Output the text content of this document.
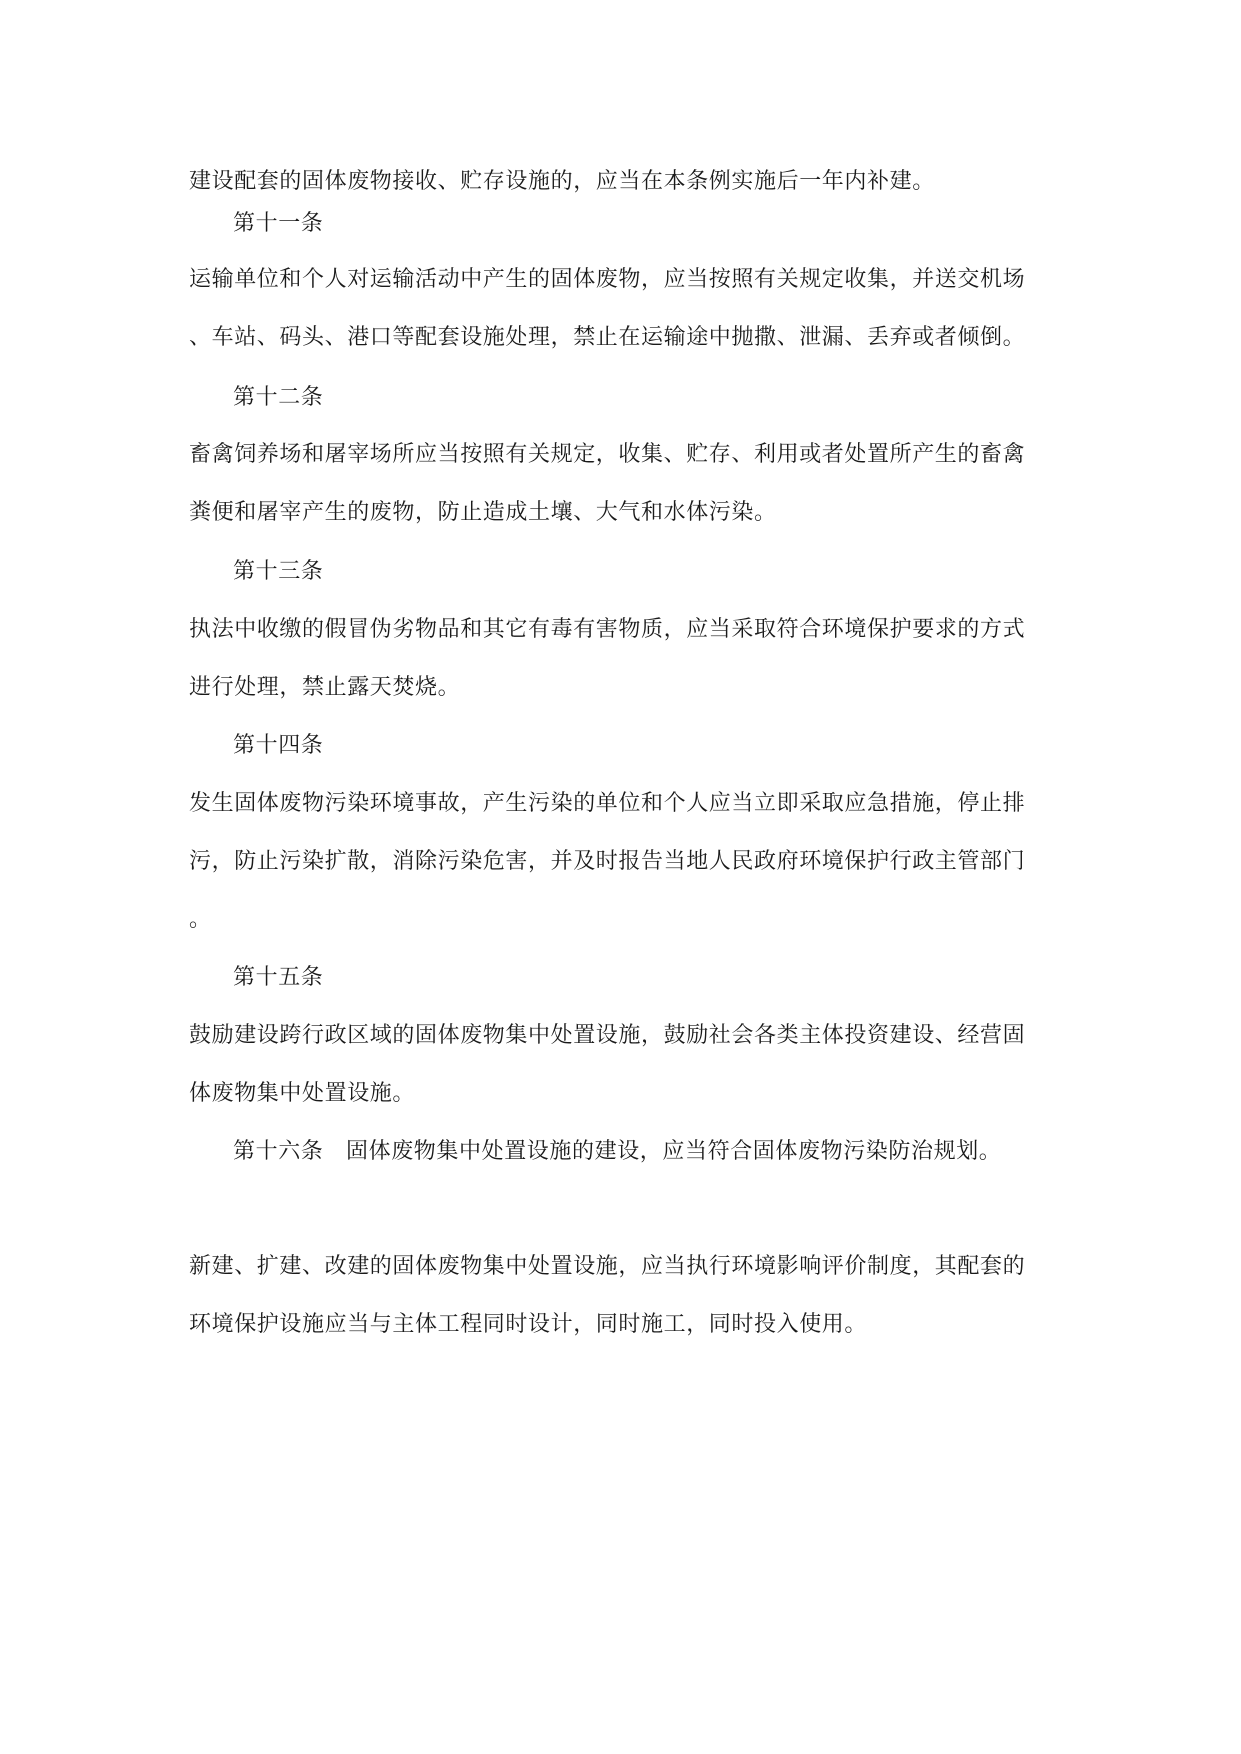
建设配套的固体废物接收、贮存设施的，应当在本条例实施后一年内补建。
第十一条
运输单位和个人对运输活动中产生的固体废物，应当按照有关规定收集，并送交机场
、车站、码头、港口等配套设施处理，禁止在运输途中抛撒、泄漏、丢弃或者倾倒。
第十二条
畜禽饲养场和屠宰场所应当按照有关规定，收集、贮存、利用或者处置所产生的畜禽
粪便和屠宰产生的废物，防止造成土壤、大气和水体污染。
第十三条
执法中收缴的假冒伪劣物品和其它有毒有害物质，应当采取符合环境保护要求的方式
进行处理，禁止露天焚烧。
第十四条
发生固体废物污染环境事故，产生污染的单位和个人应当立即采取应急措施，停止排
污，防止污染扩散，消除污染危害，并及时报告当地人民政府环境保护行政主管部门
。
第十五条
鼓励建设跨行政区域的固体废物集中处置设施，鼓励社会各类主体投资建设、经营固
体废物集中处置设施。
第十六条　固体废物集中处置设施的建设，应当符合固体废物污染防治规划。
新建、扩建、改建的固体废物集中处置设施，应当执行环境影响评价制度，其配套的
环境保护设施应当与主体工程同时设计，同时施工，同时投入使用。
